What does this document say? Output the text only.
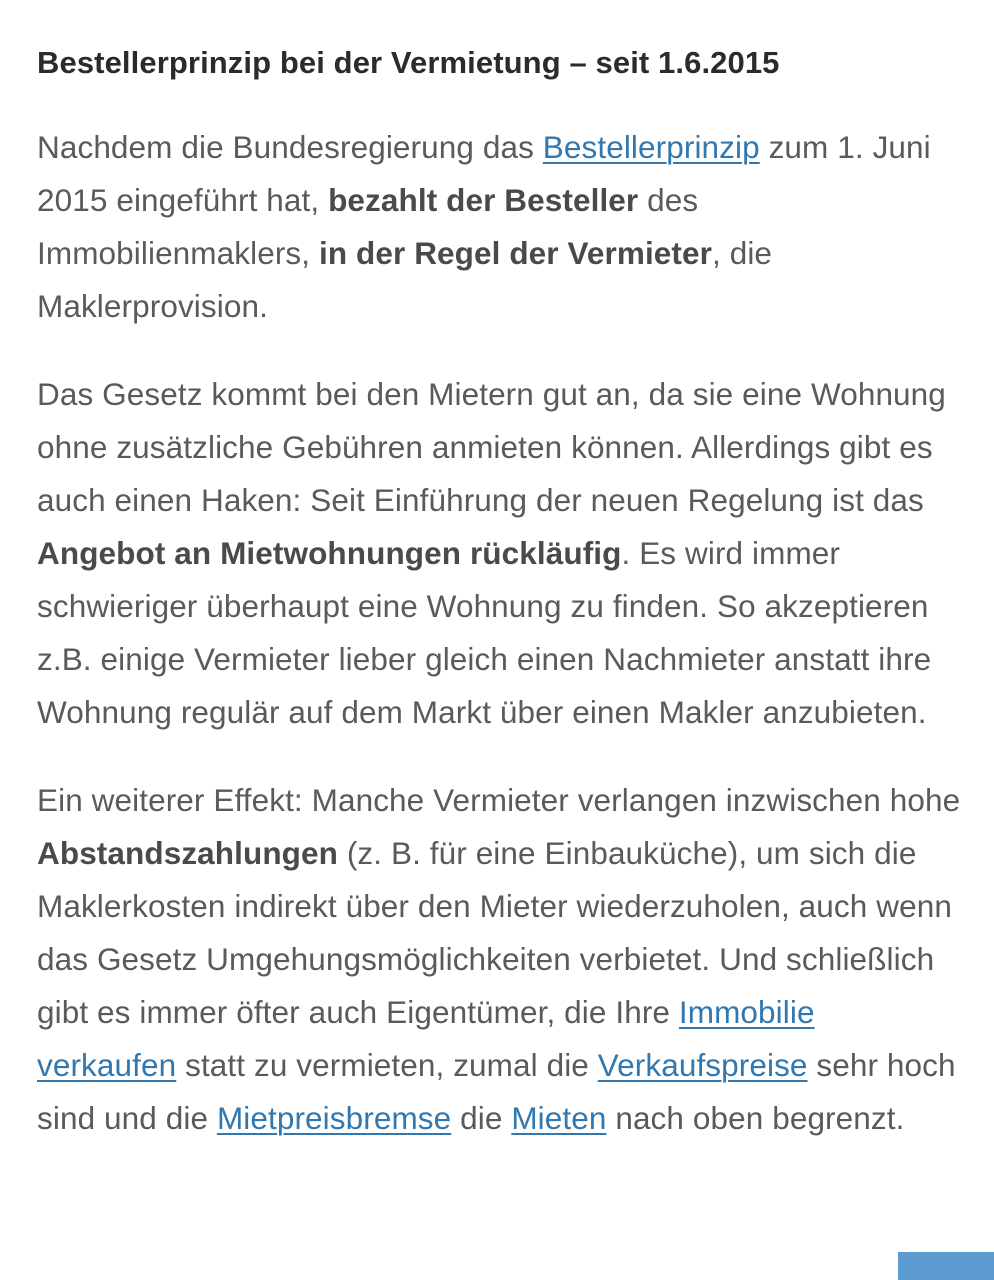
Bestellerprinzip bei der Vermietung – seit 1.6.2015

Nachdem die Bundesregierung das Bestellerprinzip zum 1. Juni 2015 eingeführt hat, bezahlt der Besteller des Immobilienmaklers, in der Regel der Vermieter, die Maklerprovision.

Das Gesetz kommt bei den Mietern gut an, da sie eine Wohnung ohne zusätzliche Gebühren anmieten können. Allerdings gibt es auch einen Haken: Seit Einführung der neuen Regelung ist das Angebot an Mietwohnungen rückläufig. Es wird immer schwieriger überhaupt eine Wohnung zu finden. So akzeptieren z.B. einige Vermieter lieber gleich einen Nachmieter anstatt ihre Wohnung regulär auf dem Markt über einen Makler anzubieten.

Ein weiterer Effekt: Manche Vermieter verlangen inzwischen hohe Abstandszahlungen (z. B. für eine Einbauküche), um sich die Maklerkosten indirekt über den Mieter wiederzuholen, auch wenn das Gesetz Umgehungsmöglichkeiten verbietet. Und schließlich gibt es immer öfter auch Eigentümer, die Ihre Immobilie verkaufen statt zu vermieten, zumal die Verkaufspreise sehr hoch sind und die Mietpreisbremse die Mieten nach oben begrenzt.
